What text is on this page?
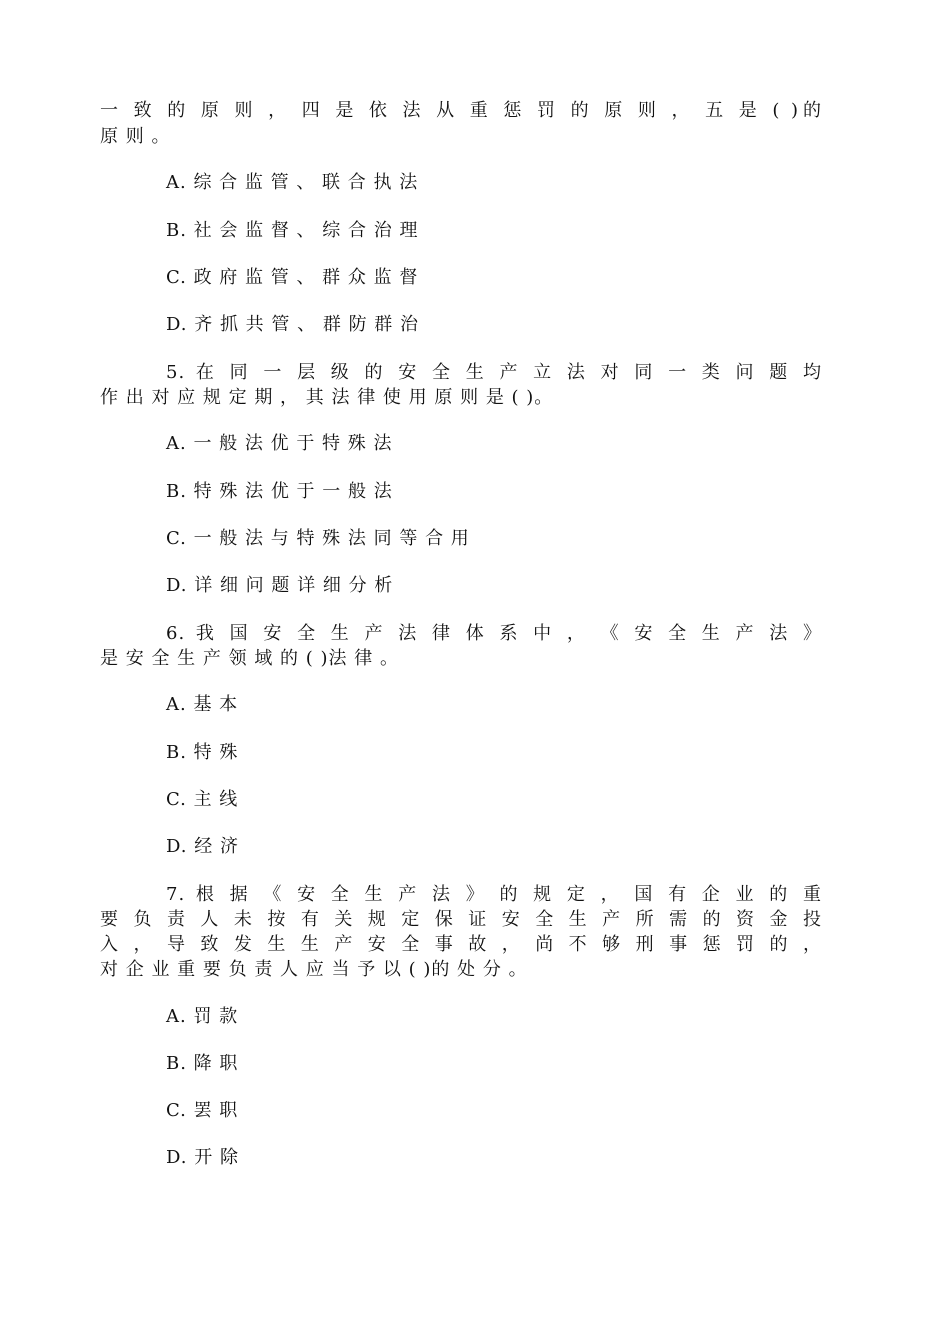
一 致 的 原 则 ， 四 是 依 法 从 重 惩 罚 的 原 则 ， 五 是 ( )的

原 则 。

A. 综 合 监 管 、 联 合 执 法

B. 社 会 监 督 、 综 合 治 理

C. 政 府 监 管 、 群 众 监 督

D. 齐 抓 共 管 、 群 防 群 治

5. 在 同 一 层 级 的 安 全 生 产 立 法 对 同 一 类 问 题 均

作 出 对 应 规 定 期 ， 其 法 律 使 用 原 则 是 ( )。

A. 一 般 法 优 于 特 殊 法

B. 特 殊 法 优 于 一 般 法

C. 一 般 法 与 特 殊 法 同 等 合 用

D. 详 细 问 题 详 细 分 析

6. 我 国 安 全 生 产 法 律 体 系 中 ， 《 安 全 生 产 法 》

是 安 全 生 产 领 域 的 ( )法 律 。

A. 基 本

B. 特 殊

C. 主 线

D. 经 济

7. 根 据 《 安 全 生 产 法 》 的 规 定 ， 国 有 企 业 的 重

要 负 责 人 未 按 有 关 规 定 保 证 安 全 生 产 所 需 的 资 金 投

入 ， 导 致 发 生 生 产 安 全 事 故 ， 尚 不 够 刑 事 惩 罚 的 ，

对 企 业 重 要 负 责 人 应 当 予 以 ( )的 处 分 。

A. 罚 款

B. 降 职

C. 罢 职

D. 开 除
